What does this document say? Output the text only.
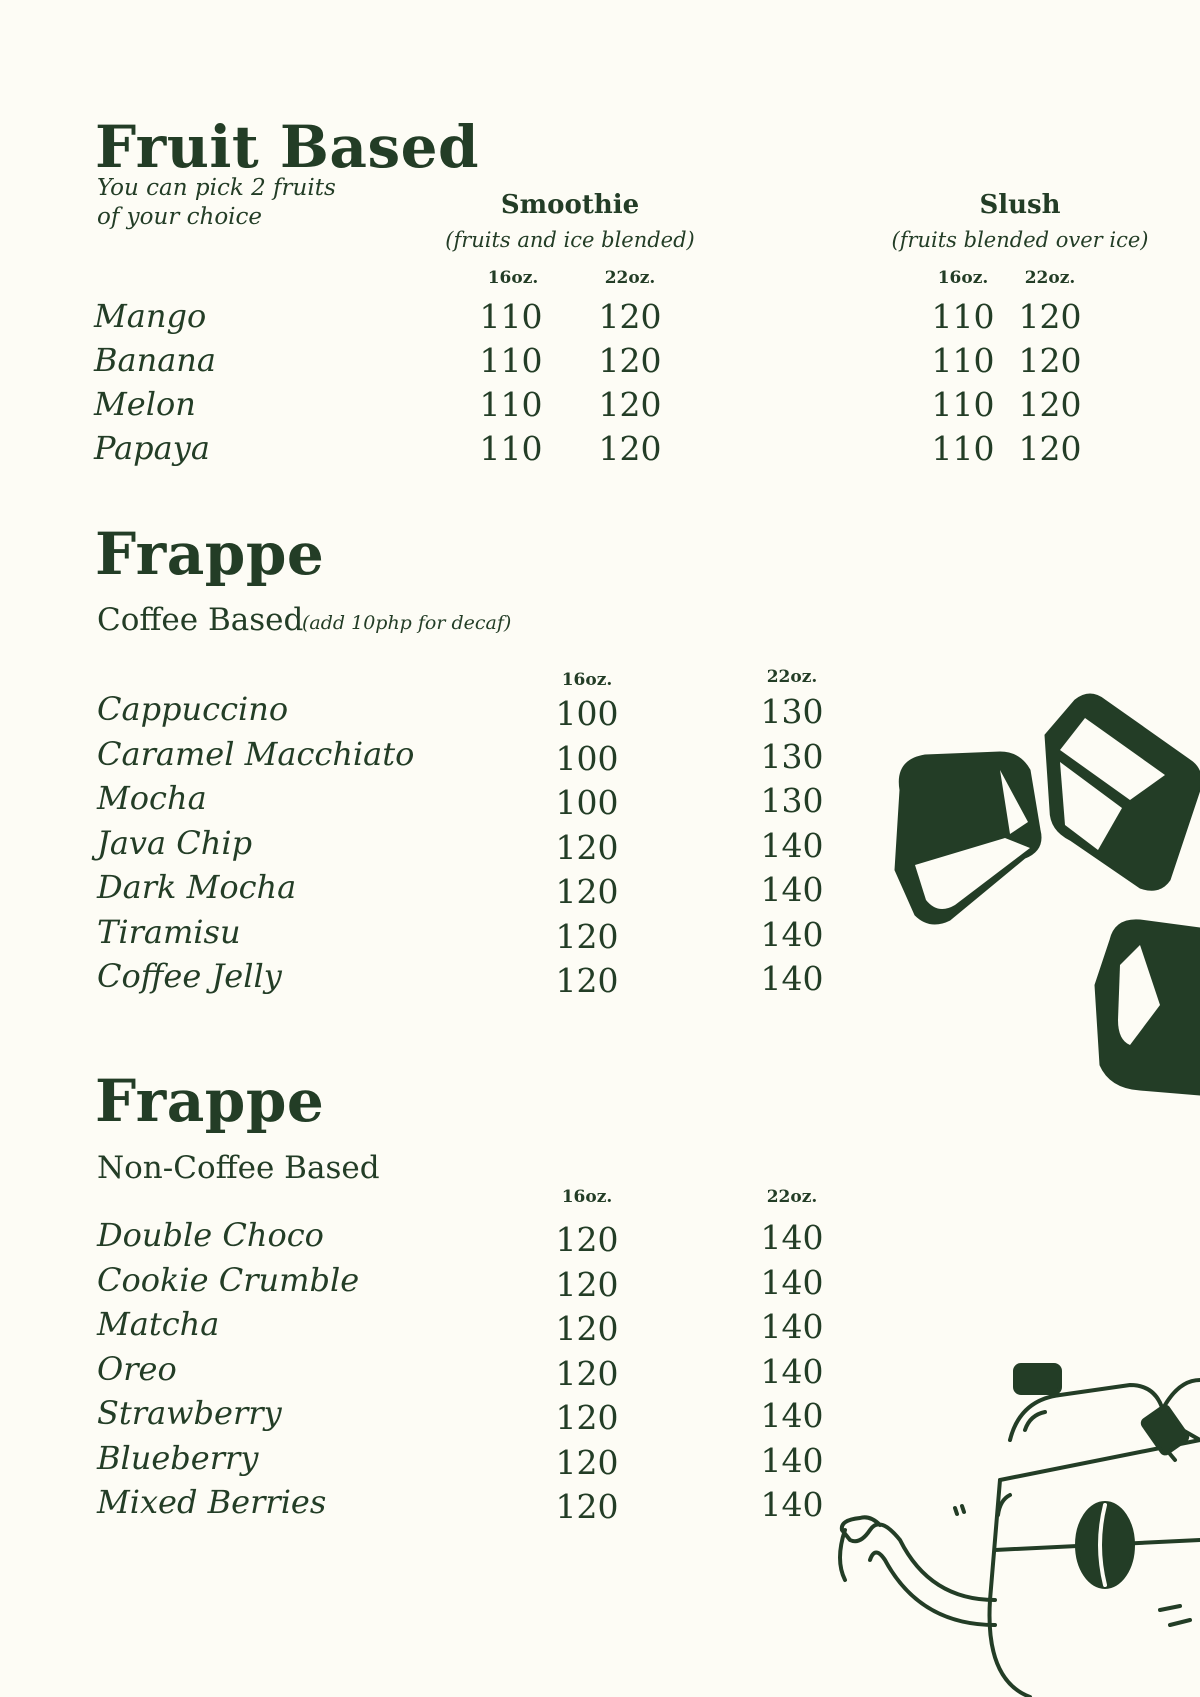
Fruit Based
You can pick 2 fruits
of your choice	Smoothie
(fruits and ice blended)
16oz.	22oz.
Slush
(fruits blended over ice)
16oz.	22oz.
Mango	110	120	110 120
Banana	110	120	110 120
Melon	110	120	110 120
Papaya	110	120	110 120
Frappe
Coffee Based
(add 10php for decaf)
16oz.	22oz.
Cappuccino	100	130
Caramel Macchiato	100	130
Mocha	100	130
Java Chip	120	140
Dark Mocha	120	140
Tiramisu	120	140
Coffee Jelly	120	140
Frappe
Non-Coffee Based
16oz.	22oz.
Double Choco	120	140
Cookie Crumble	120	140
Matcha	120	140
Oreo	120	140
Strawberry	120	140
Blueberry	120	140
Mixed Berries	120	140
